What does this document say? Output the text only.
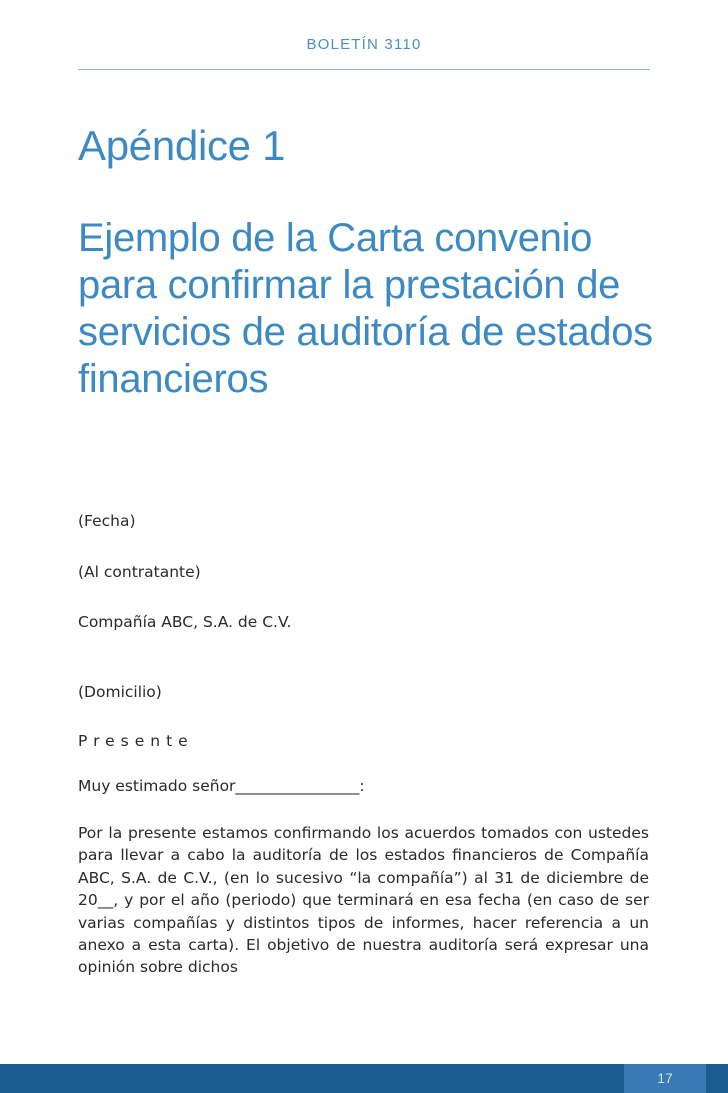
BOLETÍN 3110
Apéndice 1
Ejemplo de la Carta convenio para confirmar la prestación de servicios de auditoría de estados financieros

(Fecha)

(Al contratante)

Compañía ABC, S.A. de C.V.

(Domicilio)

Presente

Muy estimado señor________________:

Por la presente estamos confirmando los acuerdos tomados con ustedes para llevar a cabo la auditoría de los estados financieros de Compañía ABC, S.A. de C.V., (en lo sucesivo “la compañía”) al 31 de diciembre de 20__, y por el año (periodo) que terminará en esa fecha (en caso de ser varias compañías y distintos tipos de informes, hacer referencia a un anexo a esta carta). El objetivo de nuestra auditoría será expresar una opinión sobre dichos

17
